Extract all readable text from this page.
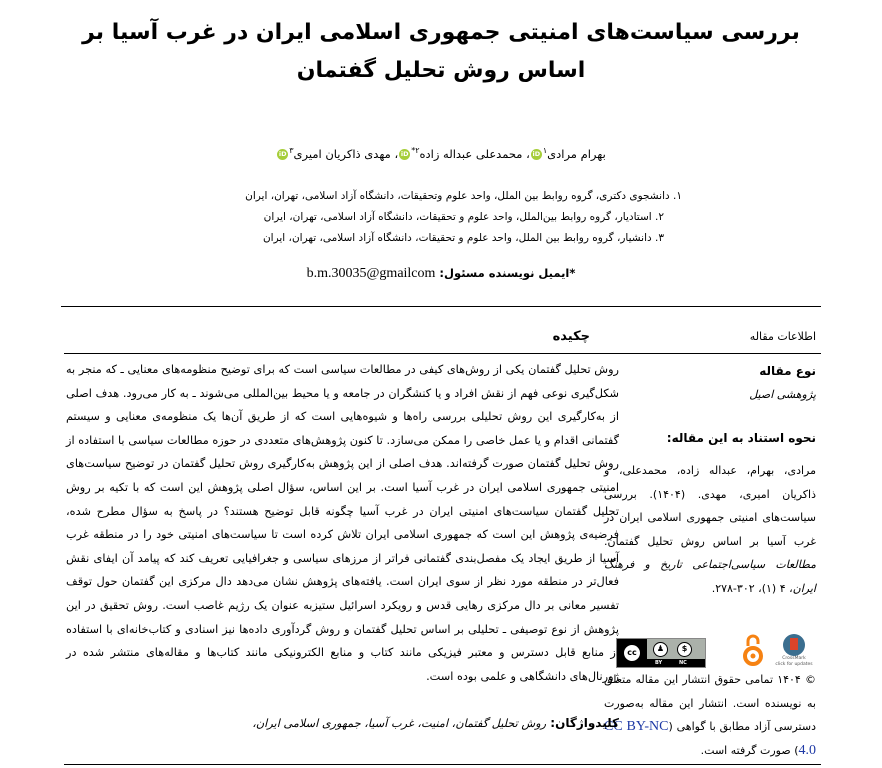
بررسی سیاست‌های امنیتی جمهوری اسلامی ایران در غرب آسیا بر اساس روش تحلیل گفتمان
بهرام مرادی$^۱$iD، محمدعلی عبداله زاده$^{۲*}$iD، مهدی ذاکریان امیری$^۳$iD
۱. دانشجوی دکتری، گروه روابط بین الملل، واحد علوم وتحقیقات، دانشگاه آزاد اسلامی، تهران، ایران
۲. استادیار، گروه روابط بین‌الملل، واحد علوم و تحقیقات، دانشگاه آزاد اسلامی، تهران، ایران
۳. دانشیار، گروه روابط بین الملل، واحد علوم و تحقیقات، دانشگاه آزاد اسلامی، تهران، ایران
*ایمیل نویسنده مسئول: b.m.30035@gmailcom
اطلاعات مقاله
چکیده
نوع مقاله
پژوهشی اصیل
نحوه استناد به این مقاله:
مرادی، بهرام، عبداله زاده، محمدعلی، و ذاکریان امیری، مهدی. (۱۴۰۴). بررسی سیاست‌های امنیتی جمهوری اسلامی ایران در غرب آسیا بر اساس روش تحلیل گفتمان. مطالعات سیاسی‌اجتماعی تاریخ و فرهنگ ایران، ۴ (۱)، ۳۰۲-۲۷۸.
CrossMark
click for updates
cc	♟	$
BY	NC
© ۱۴۰۴ تمامی حقوق انتشار این مقاله متعلق به نویسنده است. انتشار این مقاله به‌صورت دسترسی آزاد مطابق با گواهی (CC BY-NC 4.0) صورت گرفته است.
روش تحلیل گفتمان یکی از روش‌های کیفی در مطالعات سیاسی است که برای توضیح منظومه‌های معنایی ـ که منجر به شکل‌گیری نوعی فهم از نقش افراد و یا کنشگران در جامعه و یا محیط بین‌المللی می‌شوند ـ به کار می‌رود. هدف اصلی از به‌کارگیری این روش تحلیلی بررسی راه‌ها و شیوه‌هایی است که از طریق آن‌ها یک منظومه‌ی معنایی و سیستم گفتمانی اقدام و یا عمل خاصی را ممکن می‌سازد. تا کنون پژوهش‌های متعددی در حوزه مطالعات سیاسی با استفاده از روش تحلیل گفتمان صورت گرفته‌اند. هدف اصلی از این پژوهش به‌کارگیری روش تحلیل گفتمان در توضیح سیاست‌های امنیتی جمهوری اسلامی ایران در غرب آسیا است. بر این اساس، سؤال اصلی پژوهش این است که با تکیه بر روش تحلیل گفتمان سیاست‌های امنیتی ایران در غرب آسیا چگونه قابل توضیح هستند؟ در پاسخ به سؤال مطرح شده، فرضیه‌ی پژوهش این است که جمهوری اسلامی ایران تلاش کرده است تا سیاست‌های امنیتی خود را در منطقه غرب آسیا از طریق ایجاد یک مفصل‌بندی گفتمانی فراتر از مرزهای سیاسی و جغرافیایی تعریف کند که پیامد آن ایفای نقش فعال‌تر در منطقه مورد نظر از سوی ایران است. یافته‌های پژوهش نشان می‌دهد دال مرکزی این گفتمان حول توقف تفسیر معانی بر دال مرکزی رهایی قدس و رویکرد اسرائیل ستیزبه عنوان یک رژیم غاصب است. روش تحقیق در این پژوهش از نوع توصیفی ـ تحلیلی بر اساس تحلیل گفتمان و روش گردآوری داده‌ها نیز اسنادی و کتاب‌خانه‌ای با استفاده از منابع قابل دسترس و معتبر فیزیکی مانند کتاب و منابع الکترونیکی مانند کتاب‌ها و مقاله‌های منتشر شده در ژورنال‌های دانشگاهی و علمی بوده است.
کلیدواژگان: روش تحلیل گفتمان، امنیت، غرب آسیا، جمهوری اسلامی ایران،
